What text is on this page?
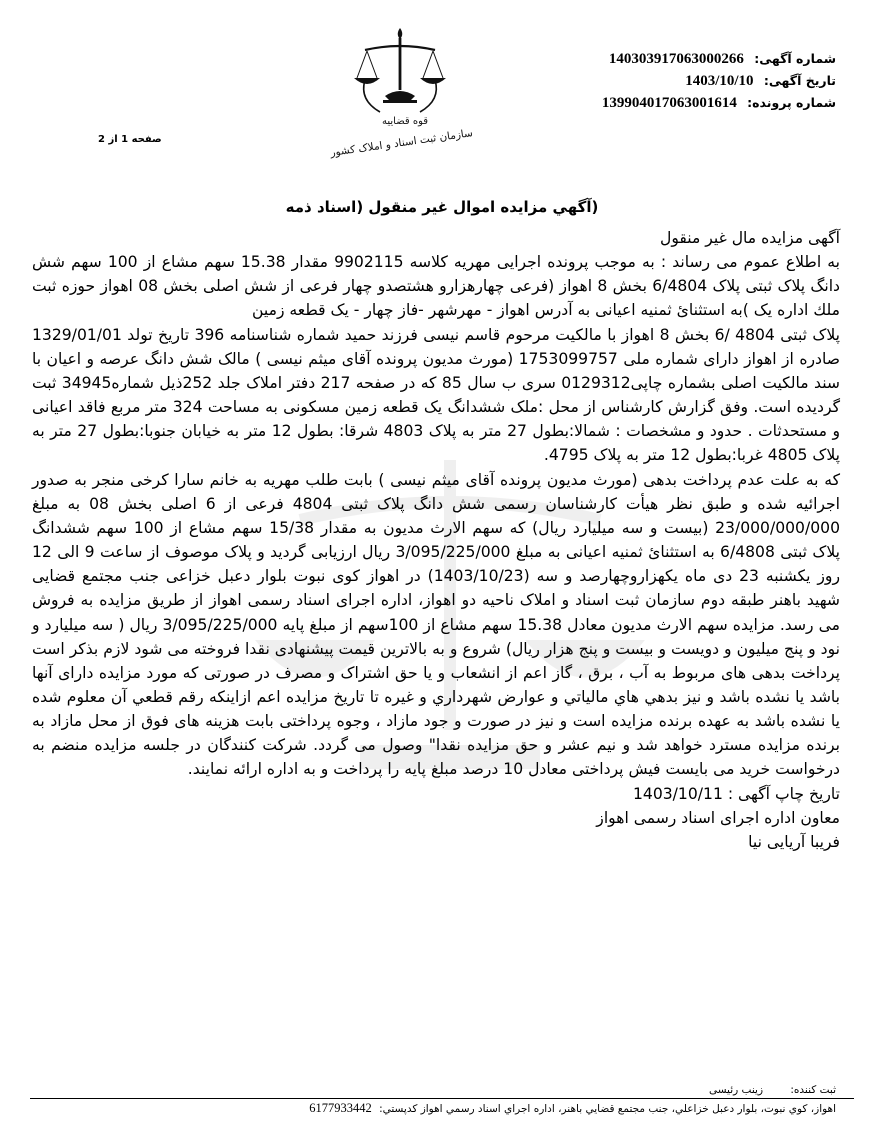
شماره آگهی: 140303917063000266
تاریخ آگهی: 1403/10/10
شماره پرونده: 139904017063001614
صفحه 1 از 2
قوه قضاییه
سازمان ثبت اسناد و املاک کشور
(آگهي مزايده اموال غير منقول (اسناد ذمه

آگهی مزایده مال غیر منقول

به اطلاع عموم می رساند : به موجب پرونده اجرایی مهریه کلاسه 9902115 مقدار 15.38 سهم مشاع از 100 سهم شش دانگ پلاک ثبتی پلاک 6/4804 بخش 8 اهواز (فرعی چهارهزارو هشتصدو چهار فرعی از شش اصلی بخش 08 اهواز حوزه ثبت ملك اداره یک )به استثنائ ثمنیه اعیانی به آدرس اهواز - مهرشهر -فاز چهار - یک قطعه زمین

پلاک ثبتی 4804 /6 بخش 8 اهواز با مالکیت مرحوم قاسم نیسی فرزند حمید شماره شناسنامه 396 تاریخ تولد 1329/01/01 صادره از اهواز دارای شماره ملی 1753099757 (مورث مدیون پرونده آقای میثم نیسی ) مالک شش دانگ عرصه و اعیان با سند مالکیت اصلی بشماره چاپی0129312 سری ب سال 85 که در صفحه 217 دفتر املاک جلد 252ذیل شماره34945 ثبت گردیده است. وفق گزارش کارشناس از محل :ملک ششدانگ یک قطعه زمین مسکونی به مساحت 324 متر مربع فاقد اعیانی و مستحدثات . حدود و مشخصات : شمالا:بطول 27 متر به پلاک 4803 شرقا: بطول 12 متر به خیابان جنوبا:بطول 27 متر به پلاک 4805 غربا:بطول 12 متر به پلاک 4795.

که به علت عدم پرداخت بدهی (مورث مدیون پرونده آقای میثم نیسی ) بابت طلب مهریه به خانم سارا کرخی منجر به صدور اجرائیه شده و طبق نظر هیأت کارشناسان رسمی شش دانگ پلاک ثبتی 4804 فرعی از 6 اصلی بخش 08 به مبلغ 23/000/000/000 (بیست و سه میلیارد ریال) که سهم الارث مدیون به مقدار 15/38 سهم مشاع از 100 سهم ششدانگ پلاک ثبتی 6/4808 به استثنائ ثمنیه اعیانی به مبلغ 3/095/225/000 ریال ارزیابی گردید و پلاک موصوف از ساعت 9 الی 12 روز یکشنبه 23 دی ماه یکهزاروچهارصد و سه (1403/10/23) در اهواز کوی نبوت بلوار دعبل خزاعی جنب مجتمع قضایی شهید باهنر طبقه دوم سازمان ثبت اسناد و املاک ناحیه دو اهواز، اداره اجرای اسناد رسمی اهواز از طریق مزایده به فروش می رسد. مزایده سهم الارث مدیون معادل 15.38 سهم مشاع از 100سهم از مبلغ پایه 3/095/225/000 ریال ( سه میلیارد و نود و پنج میلیون و دویست و بیست و پنج هزار ریال) شروع و به بالاترین قیمت پیشنهادی نقدا فروخته می شود لازم بذکر است پرداخت بدهی های مربوط به آب ، برق ، گاز اعم از انشعاب و یا حق اشتراک و مصرف در صورتی که مورد مزایده دارای آنها باشد یا نشده باشد و نیز بدهي هاي مالياتي و عوارض شهرداري و غيره تا تاريخ مزايده اعم ازاينكه رقم قطعي آن معلوم شده يا نشده باشد به عهده برنده مزایده است و نیز در صورت و جود مازاد ، وجوه پرداختی بابت هزینه های فوق از محل مازاد به برنده مزایده مسترد خواهد شد و نیم عشر و حق مزایده نقدا" وصول می گردد. شرکت کنندگان در جلسه مزایده منضم به درخواست خرید می بایست فیش پرداختی معادل 10 درصد مبلغ پایه را پرداخت و به اداره ارائه نمایند.

تاریخ چاپ آگهی : 1403/10/11

معاون اداره اجرای اسناد رسمی اهواز

فریبا آریایی نیا

ثبت کننده: زینب رئیسی
اهواز، کوي نبوت، بلوار دعبل خزاعلي، جنب مجتمع قضايي باهنر، اداره اجراي اسناد رسمي اهواز كدپستي: 6177933442
